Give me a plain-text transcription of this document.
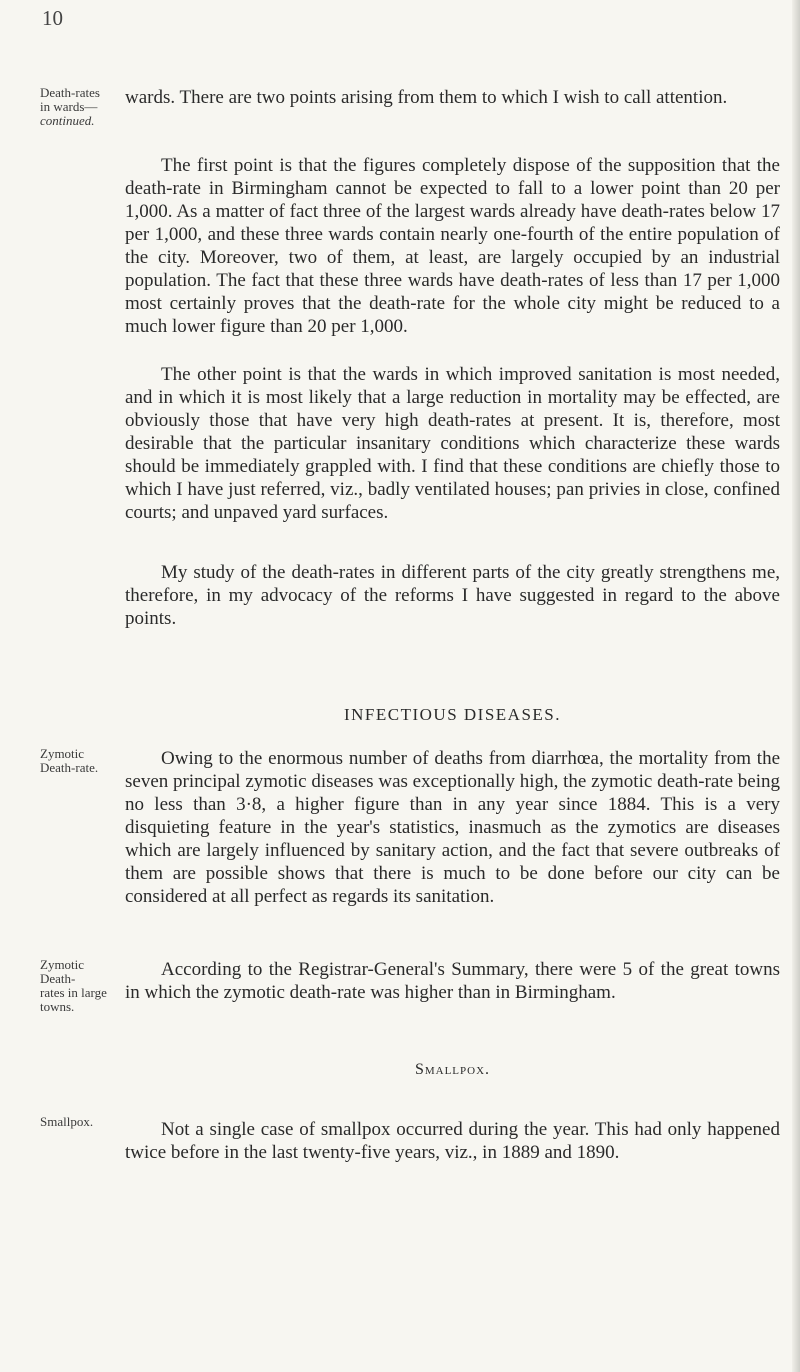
10
Death-rates
in wards—
continued.

wards. There are two points arising from them to which I wish to call attention.

The first point is that the figures completely dispose of the supposition that the death-rate in Birmingham cannot be expected to fall to a lower point than 20 per 1,000. As a matter of fact three of the largest wards already have death-rates below 17 per 1,000, and these three wards contain nearly one-fourth of the entire population of the city. Moreover, two of them, at least, are largely occupied by an industrial population. The fact that these three wards have death-rates of less than 17 per 1,000 most certainly proves that the death-rate for the whole city might be reduced to a much lower figure than 20 per 1,000.

The other point is that the wards in which improved sanitation is most needed, and in which it is most likely that a large reduction in mortality may be effected, are obviously those that have very high death-rates at present. It is, therefore, most desirable that the particular insanitary conditions which characterize these wards should be immediately grappled with. I find that these conditions are chiefly those to which I have just referred, viz., badly ventilated houses; pan privies in close, confined courts; and unpaved yard surfaces.

My study of the death-rates in different parts of the city greatly strengthens me, therefore, in my advocacy of the reforms I have suggested in regard to the above points.

INFECTIOUS DISEASES.
Zymotic
Death-rate.	Owing to the enormous number of deaths from diarrhœa, the mortality from the seven principal zymotic diseases was exceptionally high, the zymotic death-rate being no less than 3·8, a higher figure than in any year since 1884. This is a very disquieting feature in the year's statistics, inasmuch as the zymotics are diseases which are largely influenced by sanitary action, and the fact that severe outbreaks of them are possible shows that there is much to be done before our city can be considered at all perfect as regards its sanitation.

Zymotic Death-
rates in large
towns.

According to the Registrar-General's Summary, there were 5 of the great towns in which the zymotic death-rate was higher than in Birmingham.

Smallpox.
Smallpox.	Not a single case of smallpox occurred during the year. This had only happened twice before in the last twenty-five years, viz., in 1889 and 1890.
